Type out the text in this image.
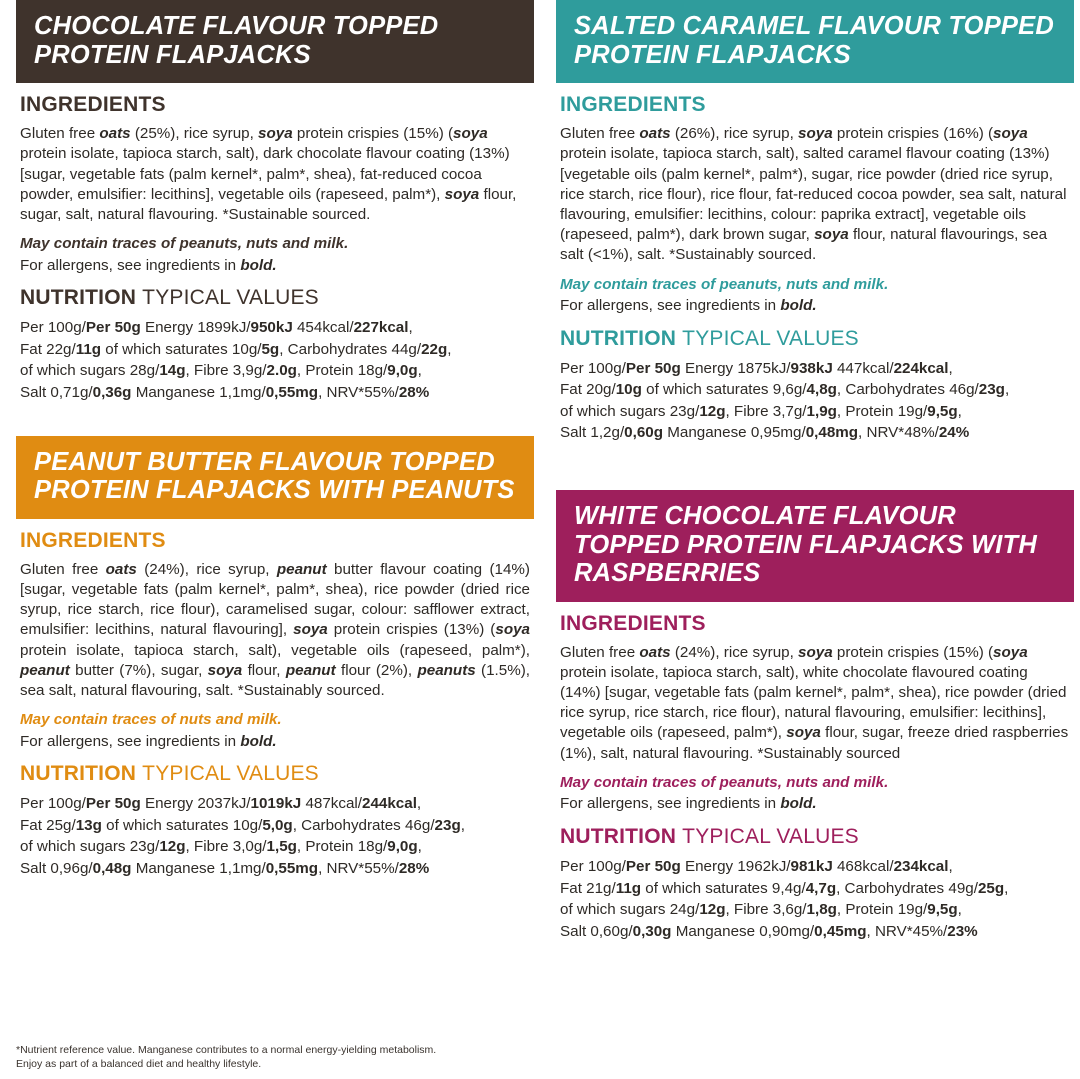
CHOCOLATE FLAVOUR TOPPED PROTEIN FLAPJACKS
INGREDIENTS

Gluten free oats (25%), rice syrup, soya protein crispies (15%) (soya protein isolate, tapioca starch, salt), dark chocolate flavour coating (13%) [sugar, vegetable fats (palm kernel*, palm*, shea), fat-reduced cocoa powder, emulsifier: lecithins], vegetable oils (rapeseed, palm*), soya flour, sugar, salt, natural flavouring. *Sustainable sourced.

May contain traces of peanuts, nuts and milk.

For allergens, see ingredients in bold.

NUTRITION TYPICAL VALUES

Per 100g/Per 50g Energy 1899kJ/950kJ 454kcal/227kcal,
Fat 22g/11g of which saturates 10g/5g, Carbohydrates 44g/22g,
of which sugars 28g/14g, Fibre 3,9g/2.0g, Protein 18g/9,0g,
Salt 0,71g/0,36g Manganese 1,1mg/0,55mg, NRV*55%/28%

PEANUT BUTTER FLAVOUR TOPPED PROTEIN FLAPJACKS WITH PEANUTS
INGREDIENTS

Gluten free oats (24%), rice syrup, peanut butter flavour coating (14%) [sugar, vegetable fats (palm kernel*, palm*, shea), rice powder (dried rice syrup, rice starch, rice flour), caramelised sugar, colour: safflower extract, emulsifier: lecithins, natural flavouring], soya protein crispies (13%) (soya protein isolate, tapioca starch, salt), vegetable oils (rapeseed, palm*), peanut butter (7%), sugar, soya flour, peanut flour (2%), peanuts (1.5%), sea salt, natural flavouring, salt. *Sustainably sourced.

May contain traces of nuts and milk.

For allergens, see ingredients in bold.

NUTRITION TYPICAL VALUES

Per 100g/Per 50g Energy 2037kJ/1019kJ 487kcal/244kcal,
Fat 25g/13g of which saturates 10g/5,0g, Carbohydrates 46g/23g,
of which sugars 23g/12g, Fibre 3,0g/1,5g, Protein 18g/9,0g,
Salt 0,96g/0,48g Manganese 1,1mg/0,55mg, NRV*55%/28%

SALTED CARAMEL FLAVOUR TOPPED PROTEIN FLAPJACKS
INGREDIENTS

Gluten free oats (26%), rice syrup, soya protein crispies (16%) (soya protein isolate, tapioca starch, salt), salted caramel flavour coating (13%) [vegetable oils (palm kernel*, palm*), sugar, rice powder (dried rice syrup, rice starch, rice flour), rice flour, fat-reduced cocoa powder, sea salt, natural flavouring, emulsifier: lecithins, colour: paprika extract], vegetable oils (rapeseed, palm*), dark brown sugar, soya flour, natural flavourings, sea salt (<1%), salt. *Sustainably sourced.

May contain traces of peanuts, nuts and milk.

For allergens, see ingredients in bold.

NUTRITION TYPICAL VALUES

Per 100g/Per 50g Energy 1875kJ/938kJ 447kcal/224kcal,
Fat 20g/10g of which saturates 9,6g/4,8g, Carbohydrates 46g/23g,
of which sugars 23g/12g, Fibre 3,7g/1,9g, Protein 19g/9,5g,
Salt 1,2g/0,60g Manganese 0,95mg/0,48mg, NRV*48%/24%

WHITE CHOCOLATE FLAVOUR TOPPED PROTEIN FLAPJACKS WITH RASPBERRIES
INGREDIENTS

Gluten free oats (24%), rice syrup, soya protein crispies (15%) (soya protein isolate, tapioca starch, salt), white chocolate flavoured coating (14%) [sugar, vegetable fats (palm kernel*, palm*, shea), rice powder (dried rice syrup, rice starch, rice flour), natural flavouring, emulsifier: lecithins], vegetable oils (rapeseed, palm*), soya flour, sugar, freeze dried raspberries (1%), salt, natural flavouring. *Sustainably sourced

May contain traces of peanuts, nuts and milk.

For allergens, see ingredients in bold.

NUTRITION TYPICAL VALUES

Per 100g/Per 50g Energy 1962kJ/981kJ 468kcal/234kcal,
Fat 21g/11g of which saturates 9,4g/4,7g, Carbohydrates 49g/25g,
of which sugars 24g/12g, Fibre 3,6g/1,8g, Protein 19g/9,5g,
Salt 0,60g/0,30g Manganese 0,90mg/0,45mg, NRV*45%/23%

*Nutrient reference value. Manganese contributes to a normal energy-yielding metabolism.
Enjoy as part of a balanced diet and healthy lifestyle.
